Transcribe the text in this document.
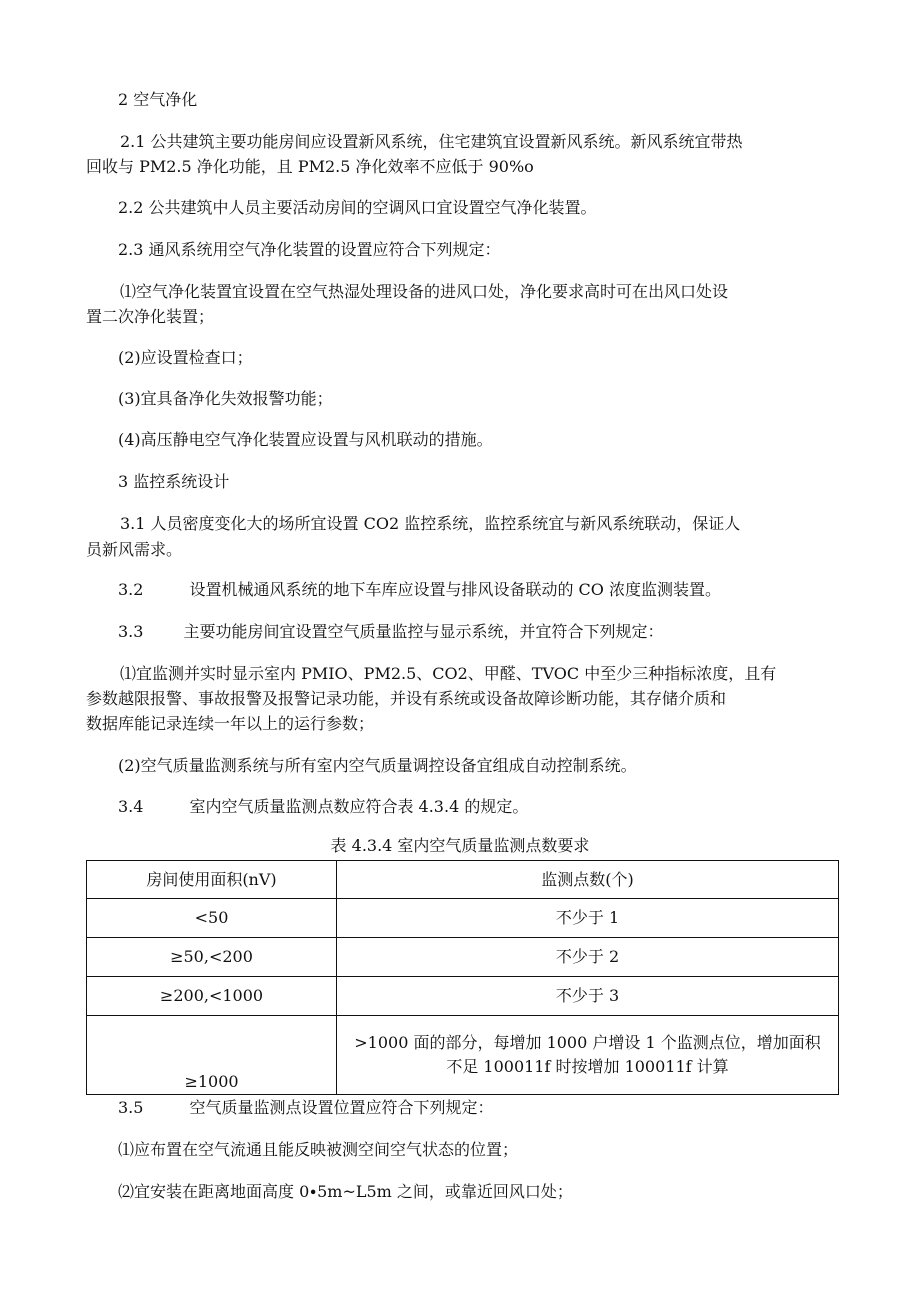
2 空气净化
2.1 公共建筑主要功能房间应设置新风系统，住宅建筑宜设置新风系统。新风系统宜带热
回收与 PM2.5 净化功能，且 PM2.5 净化效率不应低于 90%o
2.2 公共建筑中人员主要活动房间的空调风口宜设置空气净化装置。
2.3 通风系统用空气净化装置的设置应符合下列规定：
⑴空气净化装置宜设置在空气热湿处理设备的进风口处，净化要求高时可在出风口处设
置二次净化装置；
(2)应设置检查口；
(3)宜具备净化失效报警功能；
(4)高压静电空气净化装置应设置与风机联动的措施。
3 监控系统设计
3.1 人员密度变化大的场所宜设置 CO2 监控系统，监控系统宜与新风系统联动，保证人
员新风需求。
3.2	设置机械通风系统的地下车库应设置与排风设备联动的 CO 浓度监测装置。
3.3	主要功能房间宜设置空气质量监控与显示系统，并宜符合下列规定：
⑴宜监测并实时显示室内 PMIO、PM2.5、CO2、甲醛、TVOC 中至少三种指标浓度，且有
参数越限报警、事故报警及报警记录功能，并设有系统或设备故障诊断功能，其存储介质和
数据库能记录连续一年以上的运行参数；
(2)空气质量监测系统与所有室内空气质量调控设备宜组成自动控制系统。
3.4	室内空气质量监测点数应符合表 4.3.4 的规定。
表 4.3.4 室内空气质量监测点数要求
房间使用面积(nV)	监测点数(个)
<50	不少于 1
≥50,<200	不少于 2
≥200,<1000	不少于 3
≥1000	>1000 面的部分，每增加 1000 户增设 1 个监测点位，增加面积不足 100011f 时按增加 100011f 计算
3.5	空气质量监测点设置位置应符合下列规定：
⑴应布置在空气流通且能反映被测空间空气状态的位置；
⑵宜安装在距离地面高度 0∙5m~L5m 之间，或靠近回风口处；
